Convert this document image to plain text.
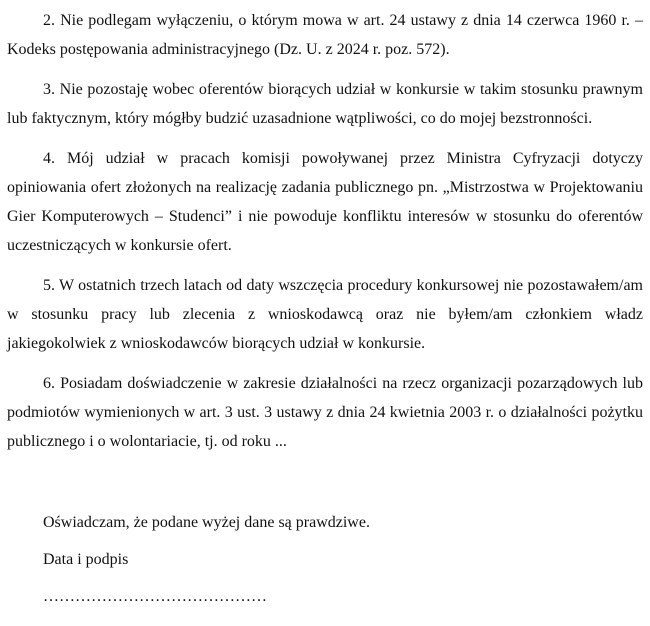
2. Nie podlegam wyłączeniu, o którym mowa w art. 24 ustawy z dnia 14 czerwca 1960 r. – Kodeks postępowania administracyjnego (Dz. U. z 2024 r. poz. 572).

3. Nie pozostaję wobec oferentów biorących udział w konkursie w takim stosunku prawnym lub faktycznym, który mógłby budzić uzasadnione wątpliwości, co do mojej bezstronności.

4. Mój udział w pracach komisji powoływanej przez Ministra Cyfryzacji dotyczy opiniowania ofert złożonych na realizację zadania publicznego pn. „Mistrzostwa w Projektowaniu Gier Komputerowych – Studenci” i nie powoduje konfliktu interesów w stosunku do oferentów uczestniczących w konkursie ofert.

5. W ostatnich trzech latach od daty wszczęcia procedury konkursowej nie pozostawałem/am w stosunku pracy lub zlecenia z wnioskodawcą oraz nie byłem/am członkiem władz jakiegokolwiek z wnioskodawców biorących udział w konkursie.

6. Posiadam doświadczenie w zakresie działalności na rzecz organizacji pozarządowych lub podmiotów wymienionych w art. 3 ust. 3 ustawy z dnia 24 kwietnia 2003 r. o działalności pożytku publicznego i o wolontariacie, tj. od roku ...

Oświadczam, że podane wyżej dane są prawdziwe.

Data i podpis

……………………………………
